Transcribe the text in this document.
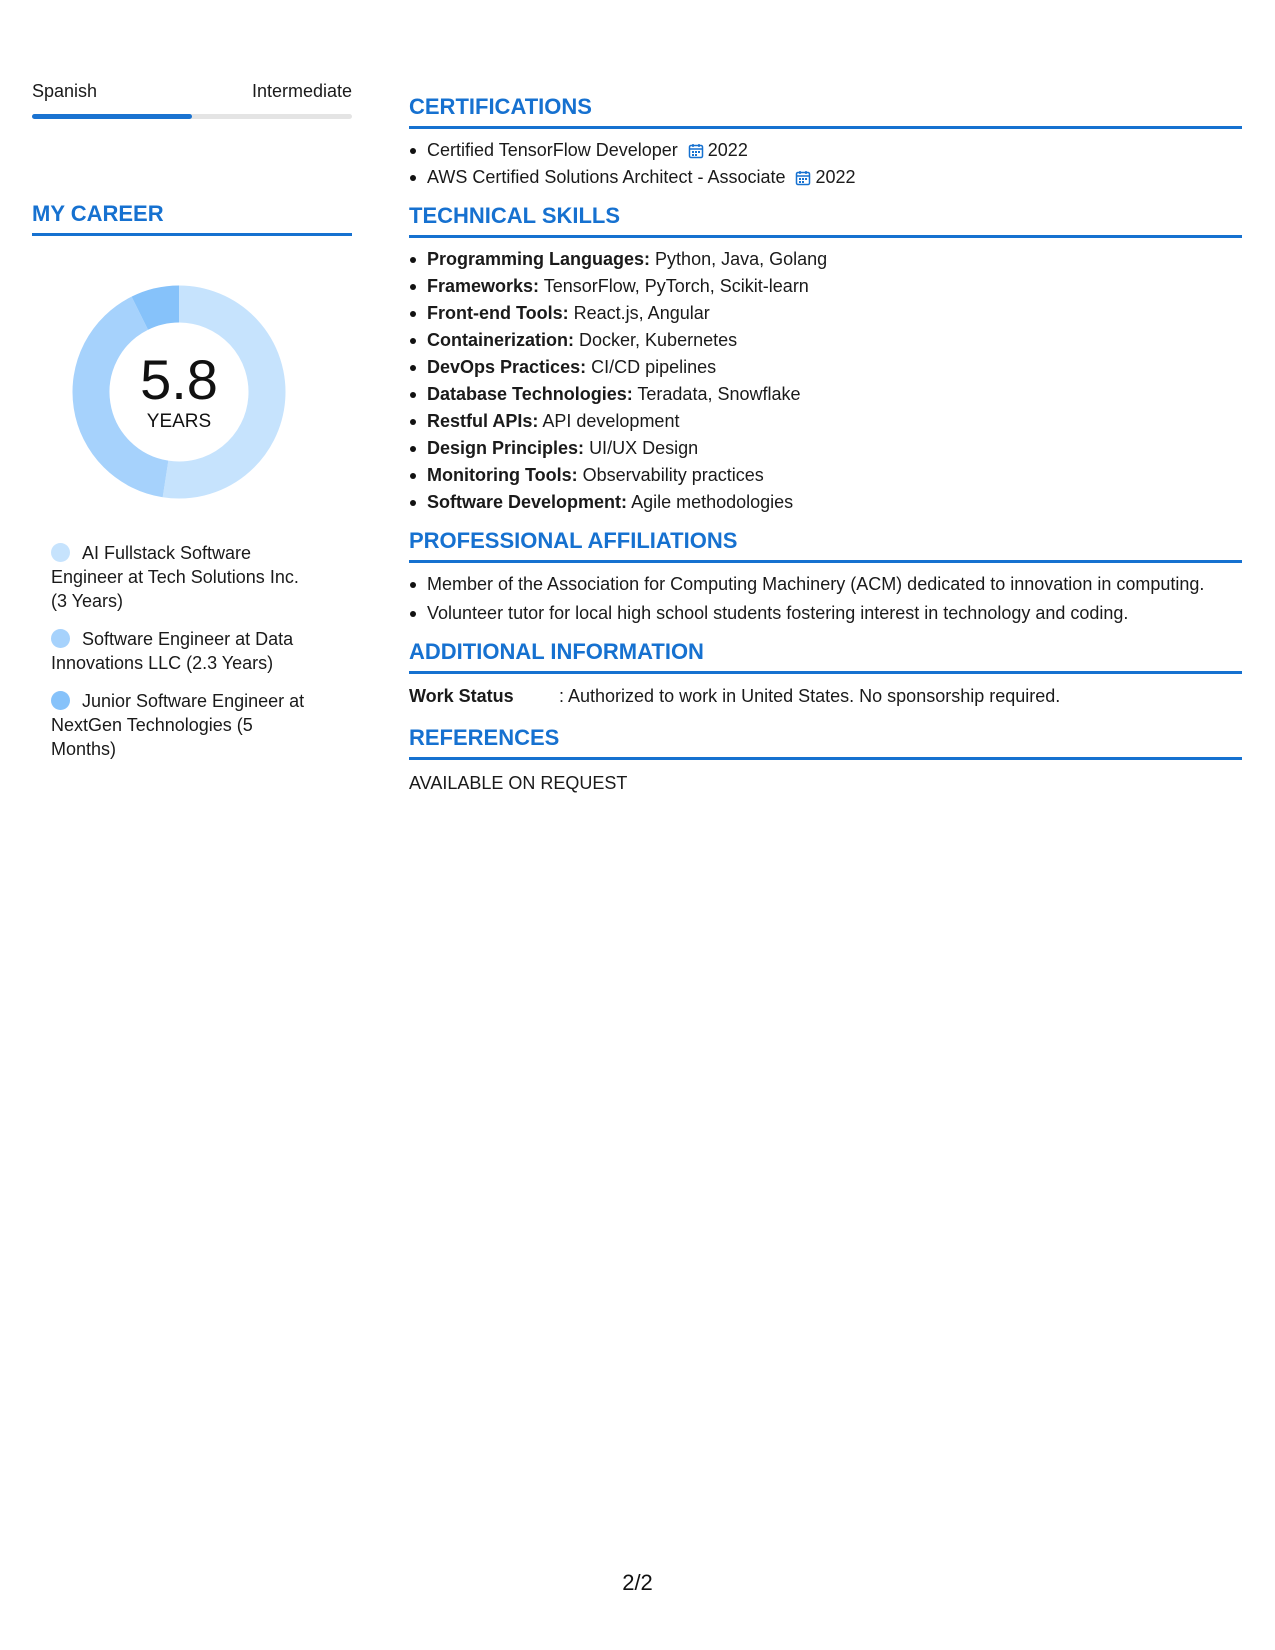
Spanish	Intermediate
MY CAREER
5.8
YEARS
AI Fullstack Software Engineer at Tech Solutions Inc. (3 Years)
Software Engineer at Data Innovations LLC (2.3 Years)
Junior Software Engineer at NextGen Technologies (5 Months)
CERTIFICATIONS
Certified TensorFlow Developer 2022
AWS Certified Solutions Architect - Associate 2022
TECHNICAL SKILLS
Programming Languages: Python, Java, Golang
Frameworks: TensorFlow, PyTorch, Scikit-learn
Front-end Tools: React.js, Angular
Containerization: Docker, Kubernetes
DevOps Practices: CI/CD pipelines
Database Technologies: Teradata, Snowflake
Restful APIs: API development
Design Principles: UI/UX Design
Monitoring Tools: Observability practices
Software Development: Agile methodologies
PROFESSIONAL AFFILIATIONS
Member of the Association for Computing Machinery (ACM) dedicated to innovation in computing.
Volunteer tutor for local high school students fostering interest in technology and coding.
ADDITIONAL INFORMATION
Work Status	: Authorized to work in United States. No sponsorship required.
REFERENCES
AVAILABLE ON REQUEST
2/2
